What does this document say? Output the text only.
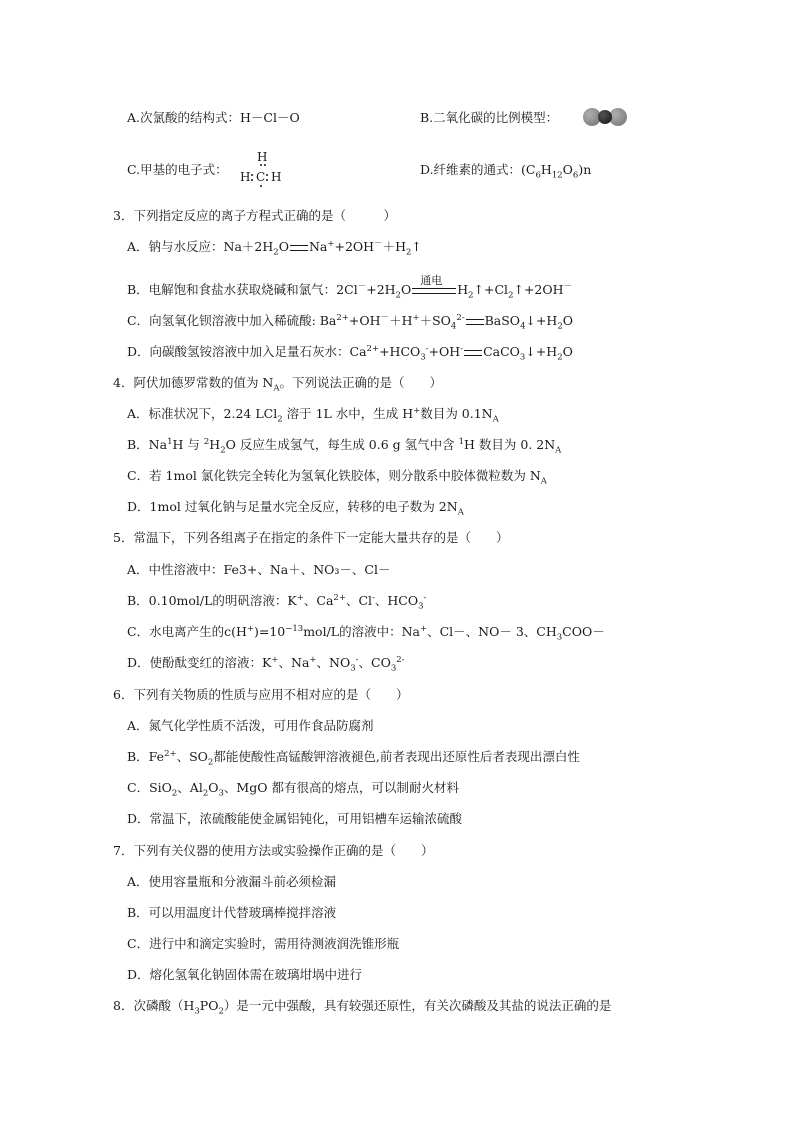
A.次氯酸的结构式：H－Cl－O	B.二氧化碳的比例模型：
C.甲基的电子式：
H
H C H	D.纤维素的通式：$(C_6H_{12}O_6)n$
3．下列指定反应的离子方程式正确的是（　　　）
A．钠与水反应：$Na+2H_2O$ $Na^++2OH^-+H_2↑$
B．电解饱和食盐水获取烧碱和氯气：$2Cl^-+2H_2O$
通电
$H_2↑+Cl_2↑+2OH^-$
C．向氢氧化钡溶液中加入稀硫酸: $Ba^{2+}+OH^-+H^++SO_4^{2-}$ $BaSO_4↓+H_2O$
D．向碳酸氢铵溶液中加入足量石灰水：$Ca^{2+}+HCO_3^-+OH^-$ $CaCO_3↓+H_2O$
4．阿伏加德罗常数的值为 $N_A$。下列说法正确的是（　　）
A．标准状况下，2.24 LCl$_2$ 溶于 1L 水中，生成 H+数目为 $0.1N_A$
B．Na$^1$H 与 $^2H_2O$ 反应生成氢气，每生成 0.6 g 氢气中含 $^1$H 数目为 0. $2N_A$
C．若 1mol 氯化铁完全转化为氢氧化铁胶体，则分散系中胶体微粒数为 $N_A$
D．1mol 过氧化钠与足量水完全反应，转移的电子数为 $2N_A$
5．常温下，下列各组离子在指定的条件下一定能大量共存的是（　　）
A．中性溶液中：Fe3+、Na＋、NO₃－、Cl－
B．0.10mol/L的明矾溶液：K+、$Ca^{2+}$、Cl-、$HCO_3^-$
C．水电离产生的$c(H^+)=10^{-13}mol/L$的溶液中：Na+、Cl－、NO－ 3、$CH_3COO-$
D．使酚酞变红的溶液：K+、Na+、$NO_3^-$、$CO_3^{2-}$
6．下列有关物质的性质与应用不相对应的是（　　）
A．氮气化学性质不活泼，可用作食品防腐剂
B．$Fe^{2+}$、$SO_2$都能使酸性高锰酸钾溶液褪色,前者表现出还原性后者表现出漂白性
C．SiO$_2$、$Al_2O_3$、MgO 都有很高的熔点，可以制耐火材料
D．常温下，浓硫酸能使金属铝钝化，可用铝槽车运输浓硫酸
7．下列有关仪器的使用方法或实验操作正确的是（　　）
A．使用容量瓶和分液漏斗前必须检漏
B．可以用温度计代替玻璃棒搅拌溶液
C．进行中和滴定实验时，需用待测液润洗锥形瓶
D．熔化氢氧化钠固体需在玻璃坩埚中进行
8．次磷酸$(H_3PO_2)$是一元中强酸，具有较强还原性，有关次磷酸及其盐的说法正确的是
